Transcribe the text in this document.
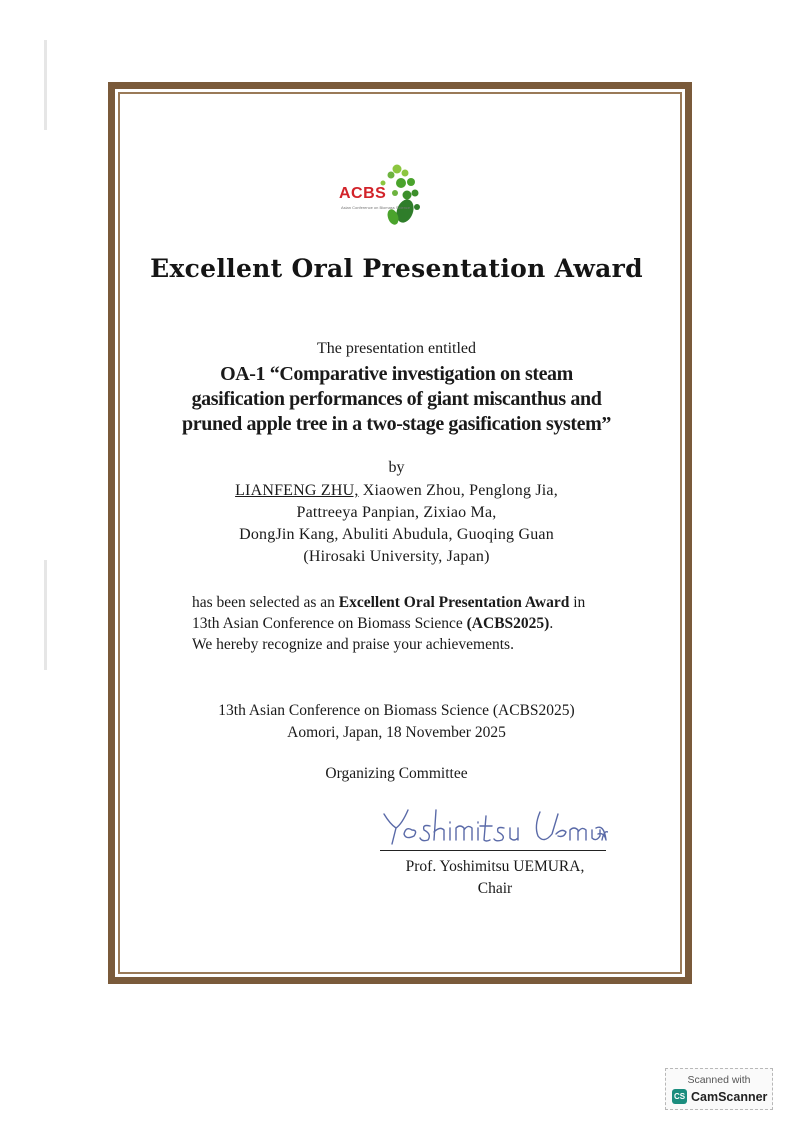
ACBS
Asian Conference on Biomass Science
Excellent Oral Presentation Award
The presentation entitled
OA-1 “Comparative investigation on steam
gasification performances of giant miscanthus and
pruned apple tree in a two-stage gasification system”
by
LIANFENG ZHU, Xiaowen Zhou, Penglong Jia,
Pattreeya Panpian, Zixiao Ma,
DongJin Kang, Abuliti Abudula, Guoqing Guan
(Hirosaki University, Japan)
has been selected as an Excellent Oral Presentation Award in
13th Asian Conference on Biomass Science (ACBS2025).
We hereby recognize and praise your achievements.
13th Asian Conference on Biomass Science (ACBS2025)
Aomori, Japan, 18 November 2025
Organizing Committee
Prof. Yoshimitsu UEMURA,
Chair
Scanned with
CS CamScanner
